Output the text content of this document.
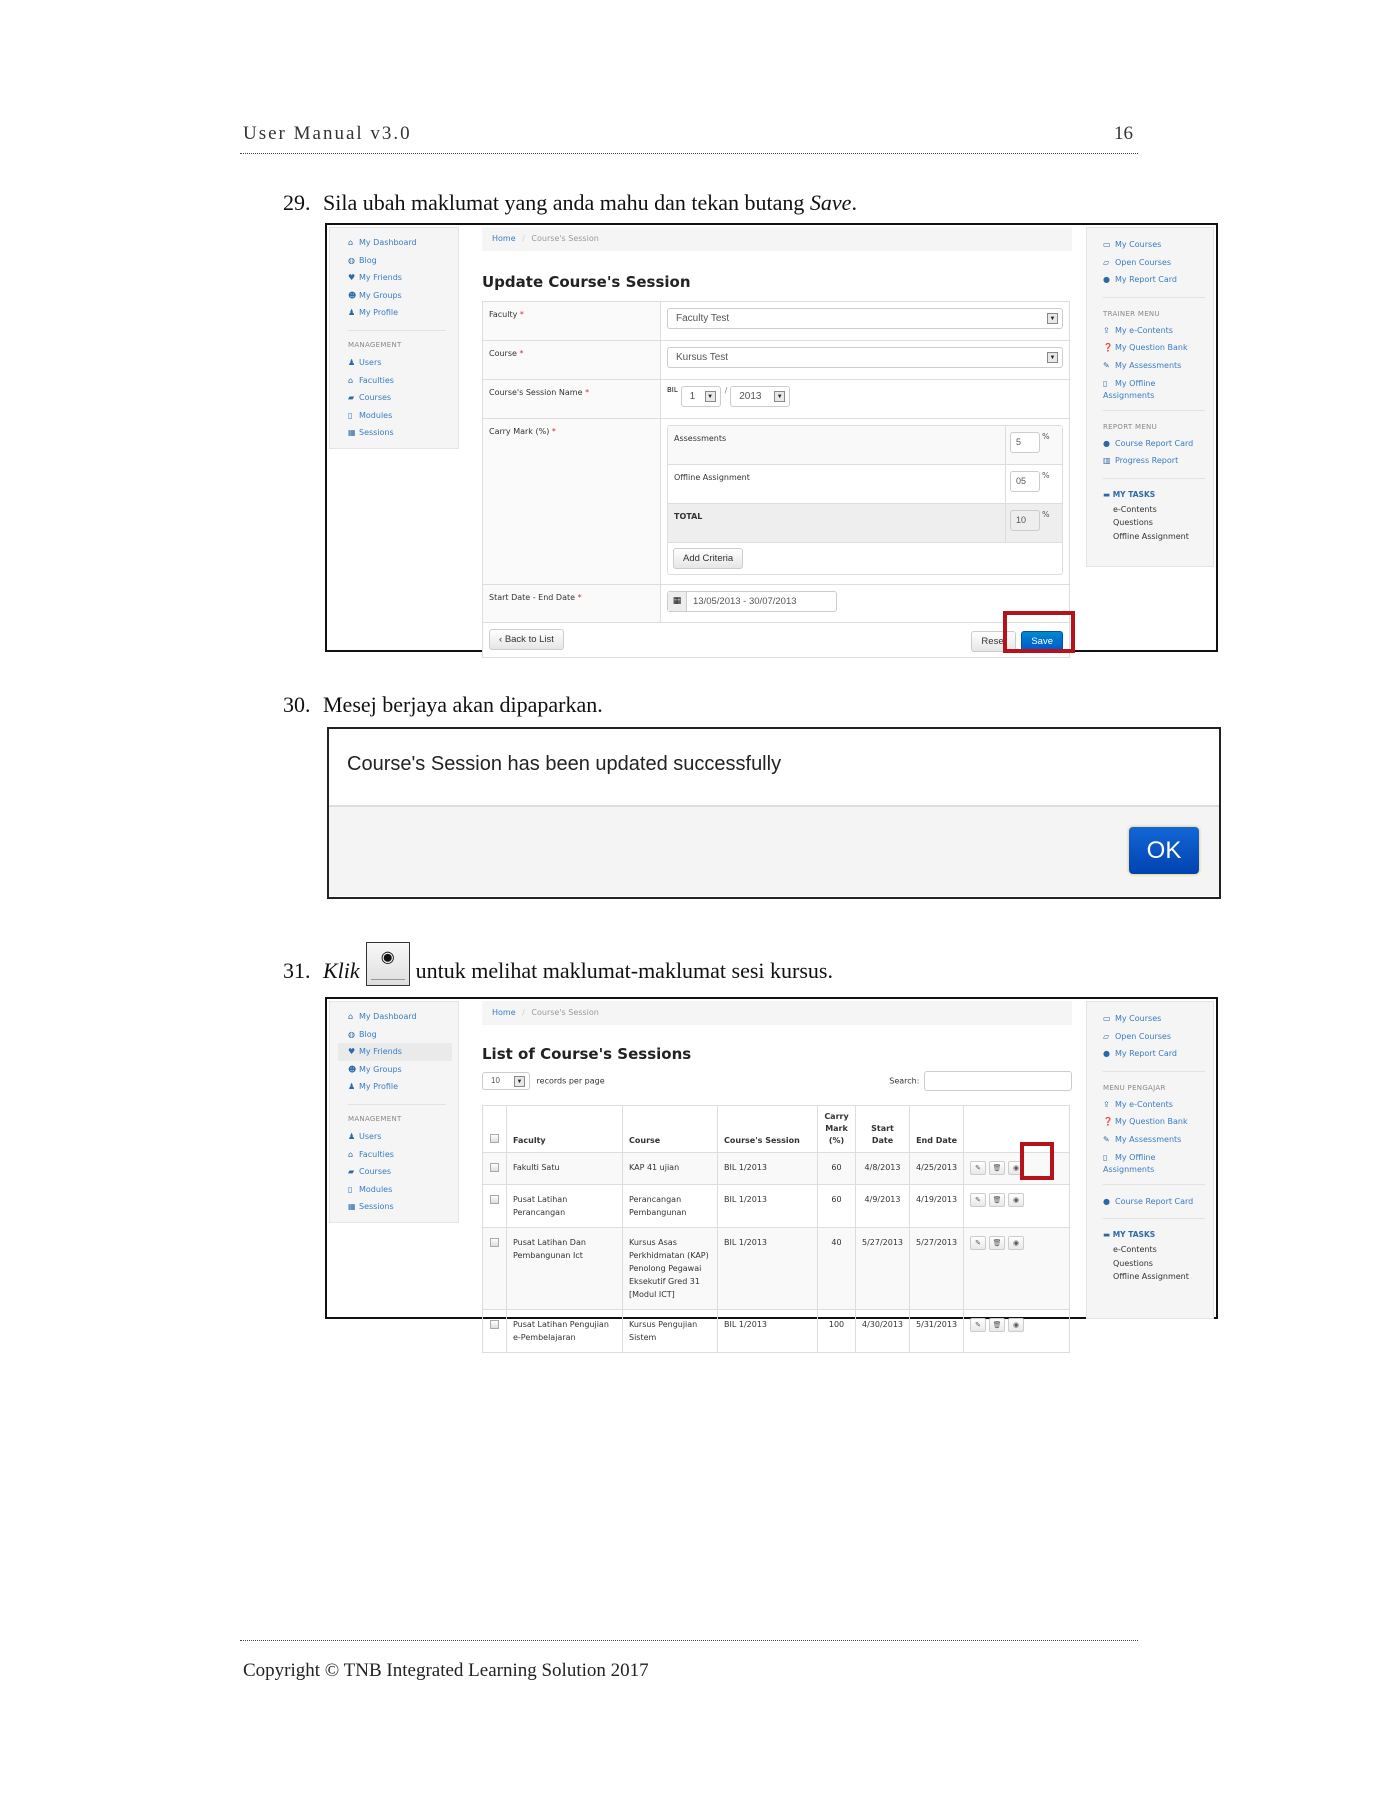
User Manual v3.0	16
29. Sila ubah maklumat yang anda mahu dan tekan butang Save.
⌂ My Dashboard
◍ Blog
♥ My Friends
☻ My Groups
♟ My Profile
MANAGEMENT
♟ Users
⌂ Faculties
▰ Courses
▯ Modules
▦ Sessions
Home / Course's Session
Update Course's Session
Faculty *	Faculty Test	▼
Course *	Kursus Test	▼
Course's Session Name *	$^{BIL}$ 1	▼
/ 2013	▼
Carry Mark (%) *
Assessments	5%
Offline Assignment	05%
TOTAL	10%
Add Criteria
Start Date - End Date *	▦	13/05/2013 - 30/07/2013
‹ Back to List	Reset	Save
▭ My Courses
▱ Open Courses
● My Report Card
TRAINER MENU
⇪ My e-Contents
❓ My Question Bank
✎ My Assessments
▯ My Offline Assignments
REPORT MENU
● Course Report Card
▥ Progress Report
▬ MY TASKS
e-Contents
Questions
Offline Assignment
30. Mesej berjaya akan dipaparkan.
Course's Session has been updated successfully
OK
31. Klik◉untuk melihat maklumat-maklumat sesi kursus.
⌂ My Dashboard
◍ Blog
♥ My Friends
☻ My Groups
♟ My Profile
MANAGEMENT
♟ Users
⌂ Faculties
▰ Courses
▯ Modules
▦ Sessions
Home / Course's Session
List of Course's Sessions
10	▼	records per page	Search:
	Faculty	Course	Course's Session	Carry Mark (%)	Start Date	End Date	
	Fakulti Satu	KAP 41 ujian	BIL 1/2013	60	4/8/2013	4/25/2013	✎ 🗑 ◉
	Pusat Latihan Perancangan	Perancangan Pembangunan	BIL 1/2013	60	4/9/2013	4/19/2013	✎ 🗑 ◉
	Pusat Latihan Dan Pembangunan Ict	Kursus Asas Perkhidmatan (KAP) Penolong Pegawai Eksekutif Gred 31 [Modul ICT]	BIL 1/2013	40	5/27/2013	5/27/2013	✎ 🗑 ◉
	Pusat Latihan Pengujian e-Pembelajaran	Kursus Pengujian Sistem	BIL 1/2013	100	4/30/2013	5/31/2013	✎ 🗑 ◉
▭ My Courses
▱ Open Courses
● My Report Card
MENU PENGAJAR
⇪ My e-Contents
❓ My Question Bank
✎ My Assessments
▯ My Offline Assignments
● Course Report Card
▬ MY TASKS
e-Contents
Questions
Offline Assignment
Copyright © TNB Integrated Learning Solution 2017
